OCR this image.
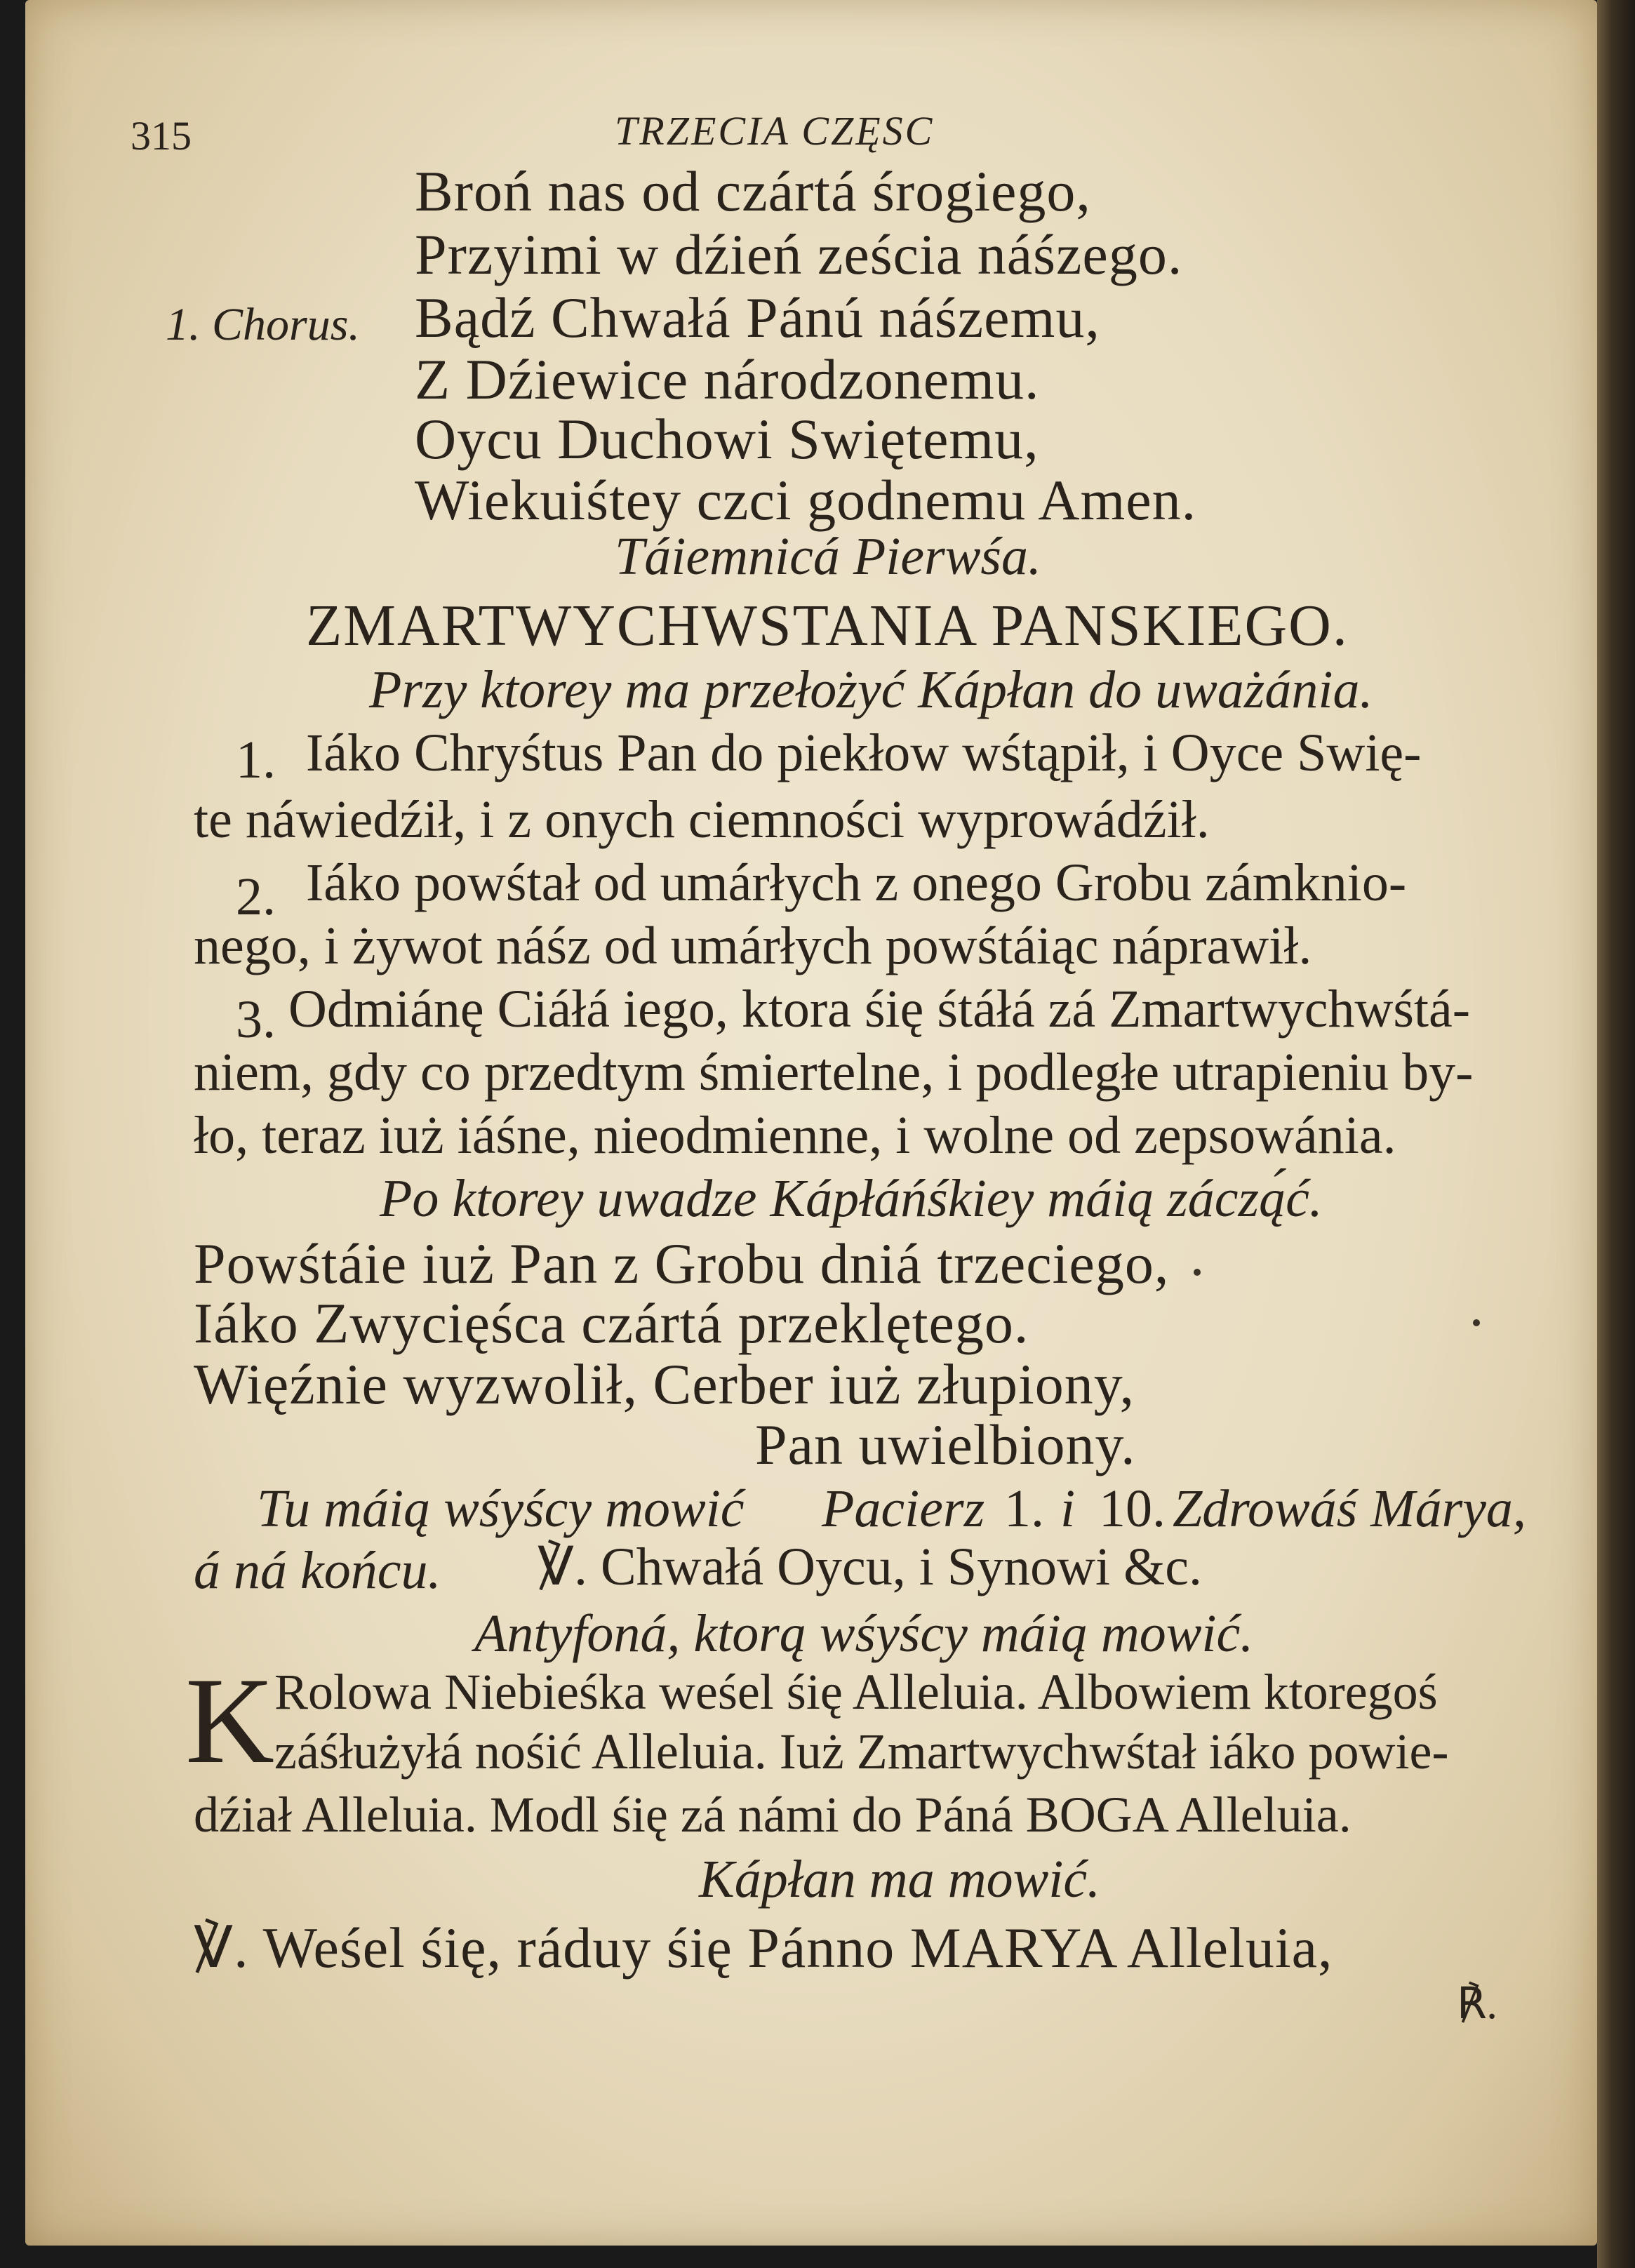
315	TRZECIA CZĘSC
Broń nas od czártá śrogiego,
Przyimi w dźień ześcia náśzego.
1. Chorus. Bądź Chwałá Pánú náśzemu,
Z Dźiewice národzonemu.
Oycu Duchowi Swiętemu,
Wiekuiśtey czci godnemu Amen.
Táiemnicá Pierwśa.
ZMARTWYCHWSTANIA PANSKIEGO.
Przy ktorey ma przełożyć Kápłan do uważánia.
1. Iáko Chryśtus Pan do piekłow wśtąpił, i Oyce Swię-
te náwiedźił, i z onych ciemności wyprowádźił.
2. Iáko powśtał od umárłych z onego Grobu zámknio-
nego, i żywot náśz od umárłych powśtáiąc náprawił.
3. Odmiánę Ciáłá iego, ktora śię śtáłá zá Zmartwychwśtá-
niem, gdy co przedtym śmiertelne, i podległe utrapieniu by-
ło, teraz iuż iáśne, nieodmienne, i wolne od zepsowánia.
Po ktorey uwadze Kápłáńśkiey máią záczą́ć.
Powśtáie iuż Pan z Grobu dniá trzeciego,
Iáko Zwycięśca czártá przeklętego.
Więźnie wyzwolił, Cerber iuż złupiony,
Pan uwielbiony.
Tu máią wśyścy mowić Pacierz 1. i 10. Zdrowáś Márya,
á ná końcu. ℣. Chwałá Oycu, i Synowi &c.
Antyfoná, ktorą wśyścy máią mowić.
K Rolowa Niebieśka weśel śię Alleluia. Albowiem ktoregoś
záśłużyłá nośić Alleluia. Iuż Zmartwychwśtał iáko powie-
dźiał Alleluia. Modl śię zá námi do Páná BOGA Alleluia.
Kápłan ma mowić.
℣. Weśel śię, ráduy śię Pánno MARYA Alleluia,
℟.
